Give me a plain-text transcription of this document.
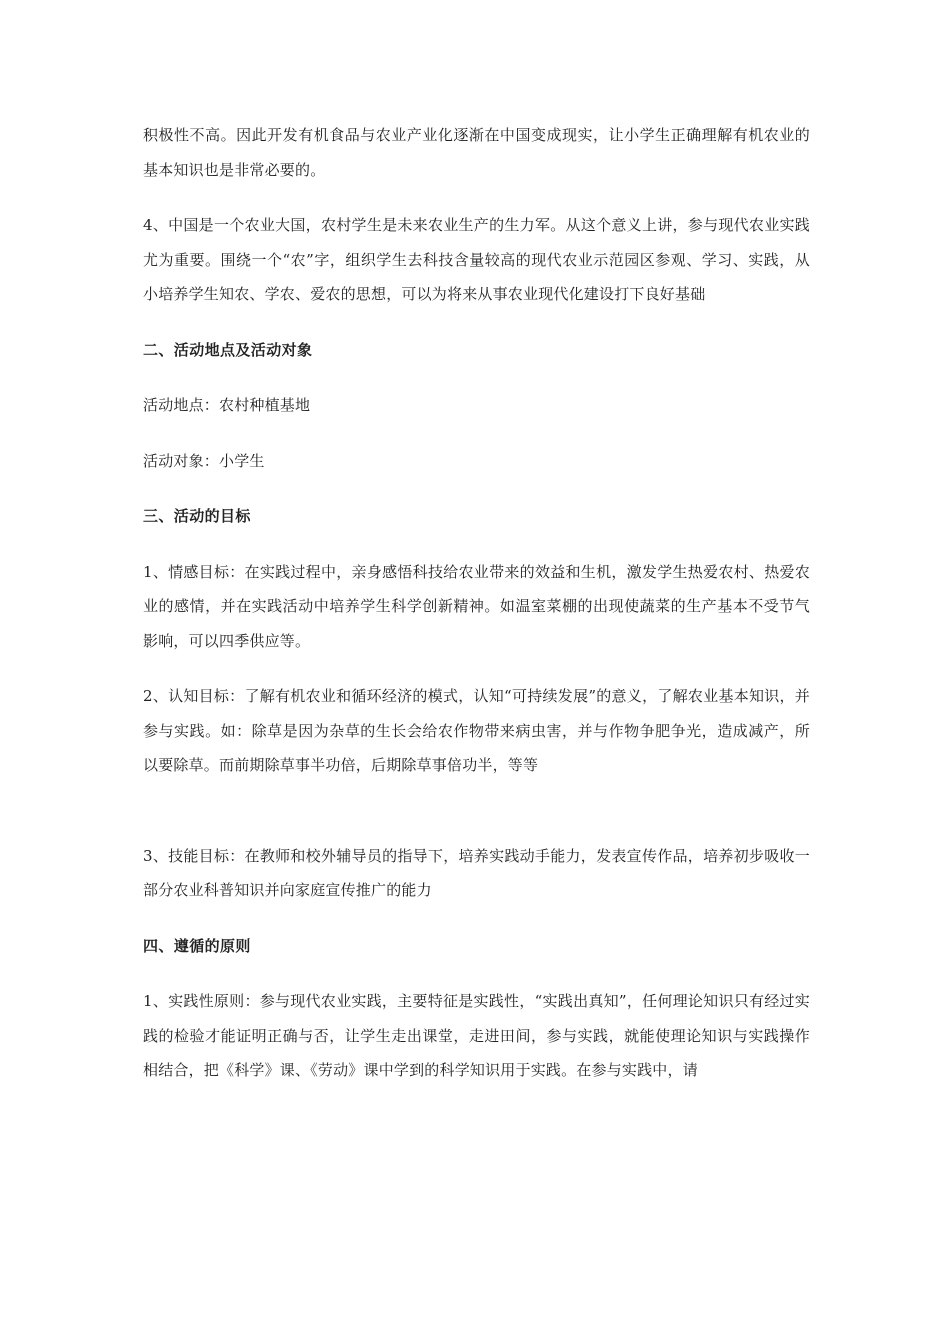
积极性不高。因此开发有机食品与农业产业化逐渐在中国变成现实，让小学生正确理解有机农业的基本知识也是非常必要的。

4、中国是一个农业大国，农村学生是未来农业生产的生力军。从这个意义上讲，参与现代农业实践尤为重要。围绕一个“农”字，组织学生去科技含量较高的现代农业示范园区参观、学习、实践，从小培养学生知农、学农、爱农的思想，可以为将来从事农业现代化建设打下良好基础

二、活动地点及活动对象

活动地点：农村种植基地

活动对象：小学生

三、活动的目标

1、情感目标：在实践过程中，亲身感悟科技给农业带来的效益和生机，激发学生热爱农村、热爱农业的感情，并在实践活动中培养学生科学创新精神。如温室菜棚的出现使蔬菜的生产基本不受节气影响，可以四季供应等。

2、认知目标：了解有机农业和循环经济的模式，认知“可持续发展”的意义，了解农业基本知识，并参与实践。如：除草是因为杂草的生长会给农作物带来病虫害，并与作物争肥争光，造成减产，所以要除草。而前期除草事半功倍，后期除草事倍功半，等等

3、技能目标：在教师和校外辅导员的指导下，培养实践动手能力，发表宣传作品，培养初步吸收一部分农业科普知识并向家庭宣传推广的能力

四、遵循的原则

1、实践性原则：参与现代农业实践，主要特征是实践性，“实践出真知”，任何理论知识只有经过实践的检验才能证明正确与否，让学生走出课堂，走进田间，参与实践，就能使理论知识与实践操作相结合，把《科学》课、《劳动》课中学到的科学知识用于实践。在参与实践中，请
